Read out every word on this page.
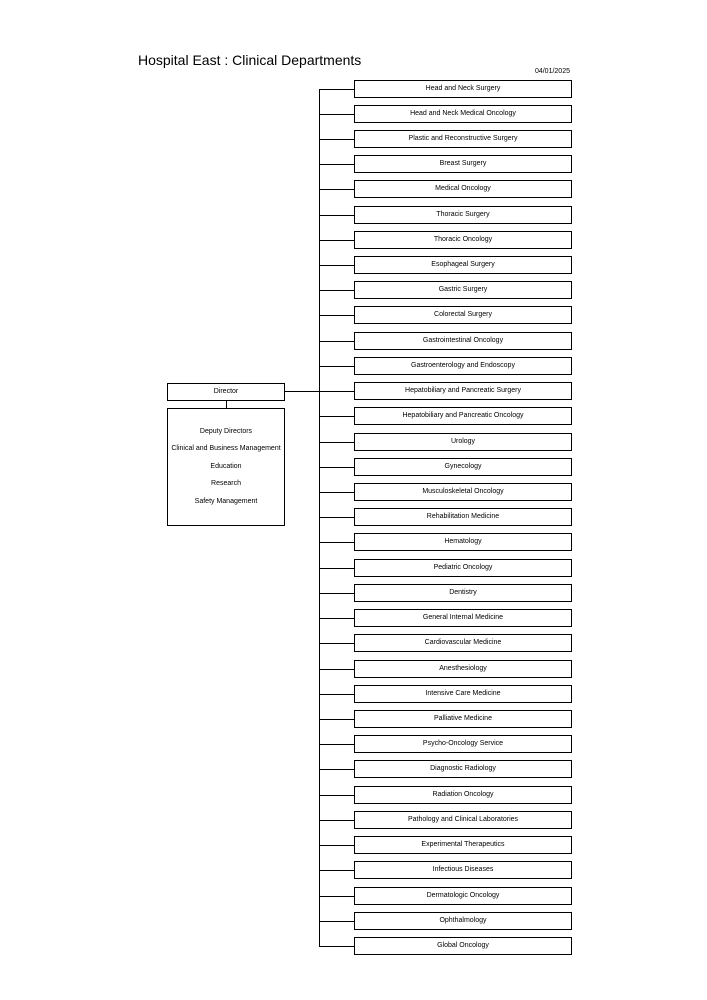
Hospital East : Clinical Departments
04/01/2025
Director
Deputy Directors
Clinical and Business Management
Education
Research
Safety Management
Head and Neck Surgery
Head and Neck Medical Oncology
Plastic and Reconstructive Surgery
Breast Surgery
Medical Oncology
Thoracic Surgery
Thoracic Oncology
Esophageal Surgery
Gastric Surgery
Colorectal Surgery
Gastrointestinal Oncology
Gastroenterology and Endoscopy
Hepatobiliary and Pancreatic Surgery
Hepatobiliary and Pancreatic Oncology
Urology
Gynecology
Musculoskeletal Oncology
Rehabilitation Medicine
Hematology
Pediatric Oncology
Dentistry
General Internal Medicine
Cardiovascular Medicine
Anesthesiology
Intensive Care Medicine
Palliative Medicine
Psycho-Oncology Service
Diagnostic Radiology
Radiation Oncology
Pathology and Clinical Laboratories
Experimental Therapeutics
Infectious Diseases
Dermatologic Oncology
Ophthalmology
Global Oncology
